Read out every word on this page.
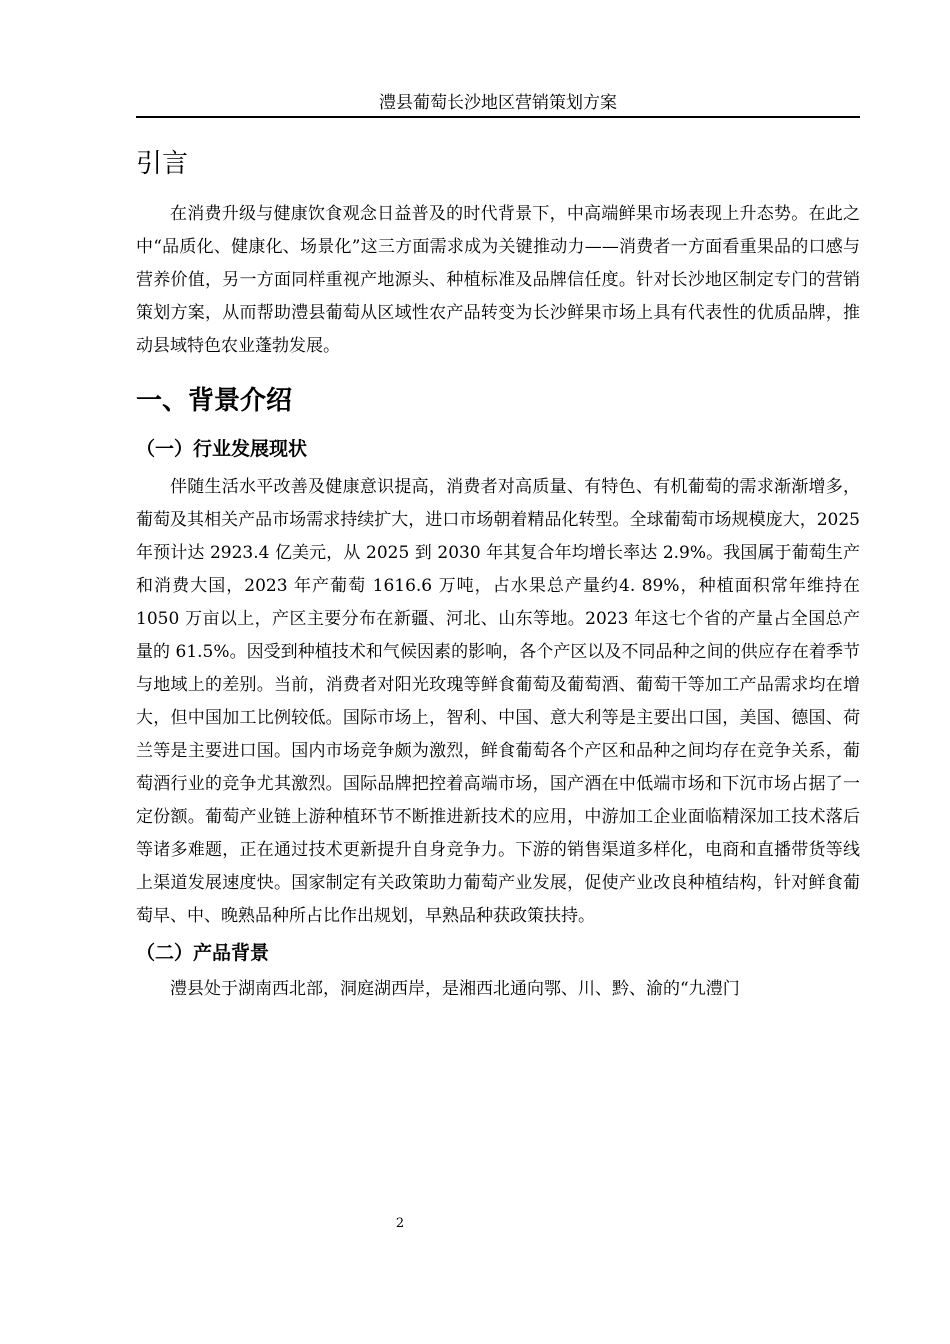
澧县葡萄长沙地区营销策划方案
引言

在消费升级与健康饮食观念日益普及的时代背景下，中高端鲜果市场表现上升态势。在此之中“品质化、健康化、场景化”这三方面需求成为关键推动力——消费者一方面看重果品的口感与营养价值，另一方面同样重视产地源头、种植标准及品牌信任度。针对长沙地区制定专门的营销策划方案，从而帮助澧县葡萄从区域性农产品转变为长沙鲜果市场上具有代表性的优质品牌，推动县域特色农业蓬勃发展。

一、背景介绍
（一）行业发展现状

伴随生活水平改善及健康意识提高，消费者对高质量、有特色、有机葡萄的需求渐渐增多，葡萄及其相关产品市场需求持续扩大，进口市场朝着精品化转型。全球葡萄市场规模庞大，2025 年预计达 2923.4 亿美元，从 2025 到 2030 年其复合年均增长率达 2.9%。我国属于葡萄生产和消费大国，2023 年产葡萄 1616.6 万吨，占水果总产量约4. 89%，种植面积常年维持在 1050 万亩以上，产区主要分布在新疆、河北、山东等地。2023 年这七个省的产量占全国总产量的 61.5%。因受到种植技术和气候因素的影响，各个产区以及不同品种之间的供应存在着季节与地域上的差别。当前，消费者对阳光玫瑰等鲜食葡萄及葡萄酒、葡萄干等加工产品需求均在增大，但中国加工比例较低。国际市场上，智利、中国、意大利等是主要出口国，美国、德国、荷兰等是主要进口国。国内市场竞争颇为激烈，鲜食葡萄各个产区和品种之间均存在竞争关系，葡萄酒行业的竞争尤其激烈。国际品牌把控着高端市场，国产酒在中低端市场和下沉市场占据了一定份额。葡萄产业链上游种植环节不断推进新技术的应用，中游加工企业面临精深加工技术落后等诸多难题，正在通过技术更新提升自身竞争力。下游的销售渠道多样化，电商和直播带货等线上渠道发展速度快。国家制定有关政策助力葡萄产业发展，促使产业改良种植结构，针对鲜食葡萄早、中、晚熟品种所占比作出规划，早熟品种获政策扶持。

（二）产品背景

澧县处于湖南西北部，洞庭湖西岸，是湘西北通向鄂、川、黔、渝的“九澧门

2
